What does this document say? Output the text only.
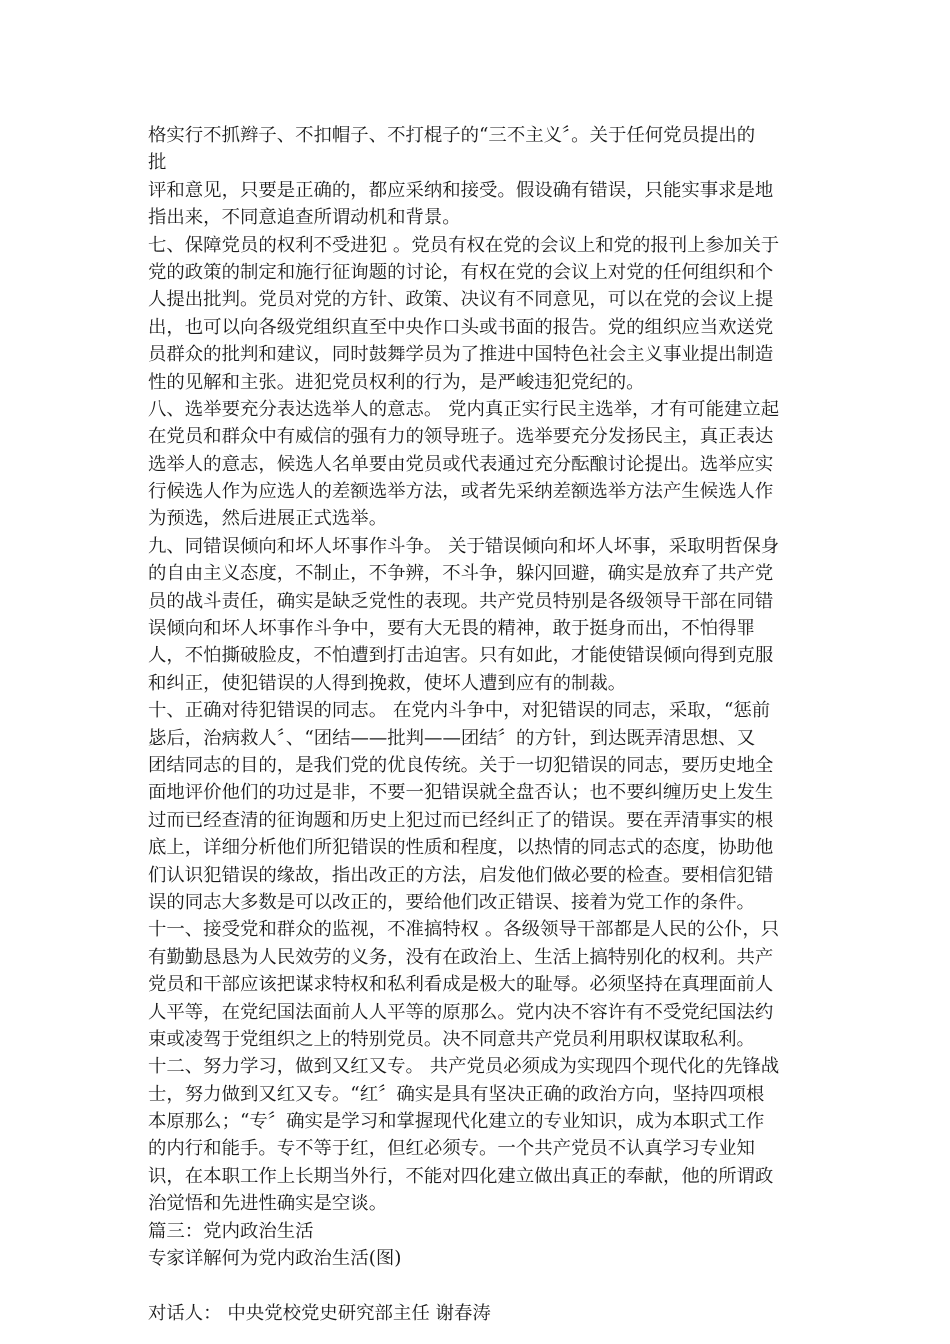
格实行不抓辫子、不扣帽子、不打棍子的“三不主义〞。关于任何党员提出的
批
评和意见，只要是正确的，都应采纳和接受。假设确有错误，只能实事求是地
指出来，不同意追查所谓动机和背景。
七、保障党员的权利不受进犯 。党员有权在党的会议上和党的报刊上参加关于
党的政策的制定和施行征询题的讨论，有权在党的会议上对党的任何组织和个
人提出批判。党员对党的方针、政策、决议有不同意见，可以在党的会议上提
出，也可以向各级党组织直至中央作口头或书面的报告。党的组织应当欢送党
员群众的批判和建议，同时鼓舞学员为了推进中国特色社会主义事业提出制造
性的见解和主张。进犯党员权利的行为，是严峻违犯党纪的。
八、选举要充分表达选举人的意志。 党内真正实行民主选举，才有可能建立起
在党员和群众中有威信的强有力的领导班子。选举要充分发扬民主，真正表达
选举人的意志，候选人名单要由党员或代表通过充分酝酿讨论提出。选举应实
行候选人作为应选人的差额选举方法，或者先采纳差额选举方法产生候选人作
为预选，然后进展正式选举。
九、同错误倾向和坏人坏事作斗争。 关于错误倾向和坏人坏事，采取明哲保身
的自由主义态度，不制止，不争辨，不斗争，躲闪回避，确实是放弃了共产党
员的战斗责任，确实是缺乏党性的表现。共产党员特别是各级领导干部在同错
误倾向和坏人坏事作斗争中，要有大无畏的精神，敢于挺身而出，不怕得罪
人，不怕撕破脸皮，不怕遭到打击迫害。只有如此，才能使错误倾向得到克服
和纠正，使犯错误的人得到挽救，使坏人遭到应有的制裁。
十、正确对待犯错误的同志。 在党内斗争中，对犯错误的同志，采取，“惩前
毖后，治病救人〞、“团结——批判——团结〞的方针，到达既弄清思想、又
团结同志的目的，是我们党的优良传统。关于一切犯错误的同志，要历史地全
面地评价他们的功过是非，不要一犯错误就全盘否认；也不要纠缠历史上发生
过而已经查清的征询题和历史上犯过而已经纠正了的错误。要在弄清事实的根
底上，详细分析他们所犯错误的性质和程度，以热情的同志式的态度，协助他
们认识犯错误的缘故，指出改正的方法，启发他们做必要的检查。要相信犯错
误的同志大多数是可以改正的，要给他们改正错误、接着为党工作的条件。
十一、接受党和群众的监视，不准搞特权 。各级领导干部都是人民的公仆，只
有勤勤恳恳为人民效劳的义务，没有在政治上、生活上搞特别化的权利。共产
党员和干部应该把谋求特权和私利看成是极大的耻辱。必须坚持在真理面前人
人平等，在党纪国法面前人人平等的原那么。党内决不容许有不受党纪国法约
束或凌驾于党组织之上的特别党员。决不同意共产党员利用职权谋取私利。
十二、努力学习，做到又红又专。 共产党员必须成为实现四个现代化的先锋战
士，努力做到又红又专。“红〞确实是具有坚决正确的政治方向，坚持四项根
本原那么；“专〞确实是学习和掌握现代化建立的专业知识，成为本职式工作
的内行和能手。专不等于红，但红必须专。一个共产党员不认真学习专业知
识，在本职工作上长期当外行，不能对四化建立做出真正的奉献，他的所谓政
治觉悟和先进性确实是空谈。
篇三：党内政治生活
专家详解何为党内政治生活(图)
对话人： 中央党校党史研究部主任 谢春涛
